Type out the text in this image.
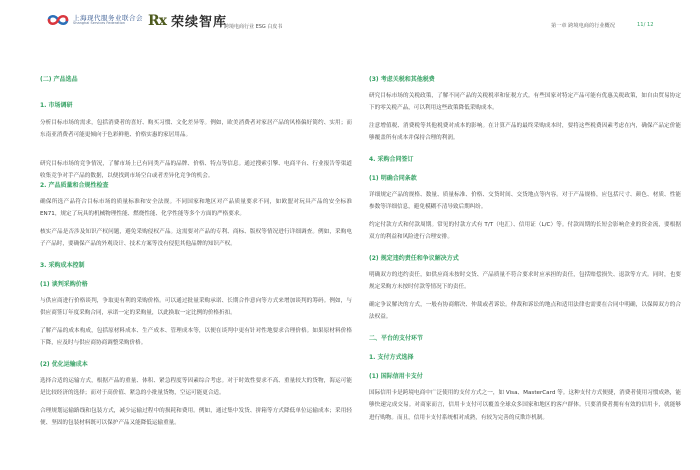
上海现代服务业联合会
Shanghai Services Federation	Rx 荣续智库
跨境电商行业 ESG 白皮书	第一章 跨境电商的行业概况	11/ 12
(二) 产品选品
1. 市场调研
分析目标市场的需求，包括消费者的喜好、购买习惯、文化差异等。例如，欧美消费者对家居产品的风格偏好简约、实用；而东南亚消费者可能更倾向于色彩鲜艳、价格实惠的家居用品。
研究目标市场的竞争情况，了解市场上已有同类产品的品牌、价格、特点等信息。通过搜索引擎、电商平台、行业报告等渠道收集竞争对手产品的数据，以便找到市场空白或者差异化竞争的机会。
2. 产品质量和合规性检查
确保所选产品符合目标市场的质量标准和安全法规。不同国家和地区对产品质量要求不同，如欧盟对玩具产品的安全标准 EN71，规定了玩具的机械物理性能、燃烧性能、化学性能等多个方面的严格要求。
核实产品是否涉及知识产权问题，避免采购侵权产品。这需要对产品的专利、商标、版权等情况进行详细调查。例如，采购电子产品时，要确保产品的外观设计、技术方案等没有侵犯其他品牌的知识产权。
3. 采购成本控制
(1) 谈判采购价格
与供应商进行价格谈判，争取更有利的采购价格。可以通过批量采购承诺、长期合作意向等方式来增加谈判的筹码。例如，与供应商签订年度采购合同，承诺一定的采购量，以此换取一定比例的价格折扣。
了解产品的成本构成，包括原材料成本、生产成本、管理成本等，以便在谈判中更有针对性地要求合理价格。如果原材料价格下降，应及时与供应商协商调整采购价格。
(2) 优化运输成本
选择合适的运输方式，根据产品的重量、体积、紧急程度等因素综合考虑。对于时效性要求不高、重量较大的货物，海运可能是比较经济的选择；而对于高价值、紧急的小批量货物，空运可能更合适。
合理规划运输路线和包装方式，减少运输过程中的损耗和费用。例如，通过集中发货、拼箱等方式降低单位运输成本；采用轻便、坚固的包装材料既可以保护产品又能降低运输重量。
(3) 考虑关税和其他税费
研究目标市场的关税政策，了解不同产品的关税税率和征税方式。有些国家对特定产品可能有优惠关税政策，如自由贸易协定下的零关税产品，可以利用这些政策降低采购成本。
注意增值税、消费税等其他税费对成本的影响。在计算产品的最终采购成本时，要将这些税费因素考虑在内，确保产品定价能够覆盖所有成本并保持合理的利润。
4. 采购合同签订
(1) 明确合同条款
详细规定产品的规格、数量、质量标准、价格、交货时间、交货地点等内容。对于产品规格，应包括尺寸、颜色、材质、性能参数等详细信息，避免模糊不清导致后期纠纷。
约定付款方式和付款周期。常见的付款方式有 T/T（电汇）、信用证（L/C）等。付款周期的长短会影响企业的资金流，要根据双方的利益和风险进行合理安排。
(2) 规定违约责任和争议解决方式
明确双方的违约责任，如供应商未按时交货、产品质量不符合要求时应承担的责任，包括赔偿损失、退款等方式。同时，也要规定采购方未按时付款等情况下的责任。
确定争议解决的方式，一般有协商解决、仲裁或者诉讼。仲裁和诉讼的地点和适用法律也需要在合同中明确，以保障双方的合法权益。
二、平台的支付环节
1. 支付方式选择
(1) 国际信用卡支付
国际信用卡是跨境电商中广泛使用的支付方式之一，如 Visa、MasterCard 等。这种支付方式便捷，消费者使用习惯成熟，能够快速完成交易。对商家而言，信用卡支付可以覆盖全球众多国家和地区的客户群体。只要消费者拥有有效的信用卡，就能够进行购物。而且，信用卡支付系统相对成熟，有较为完善的反欺诈机制。
